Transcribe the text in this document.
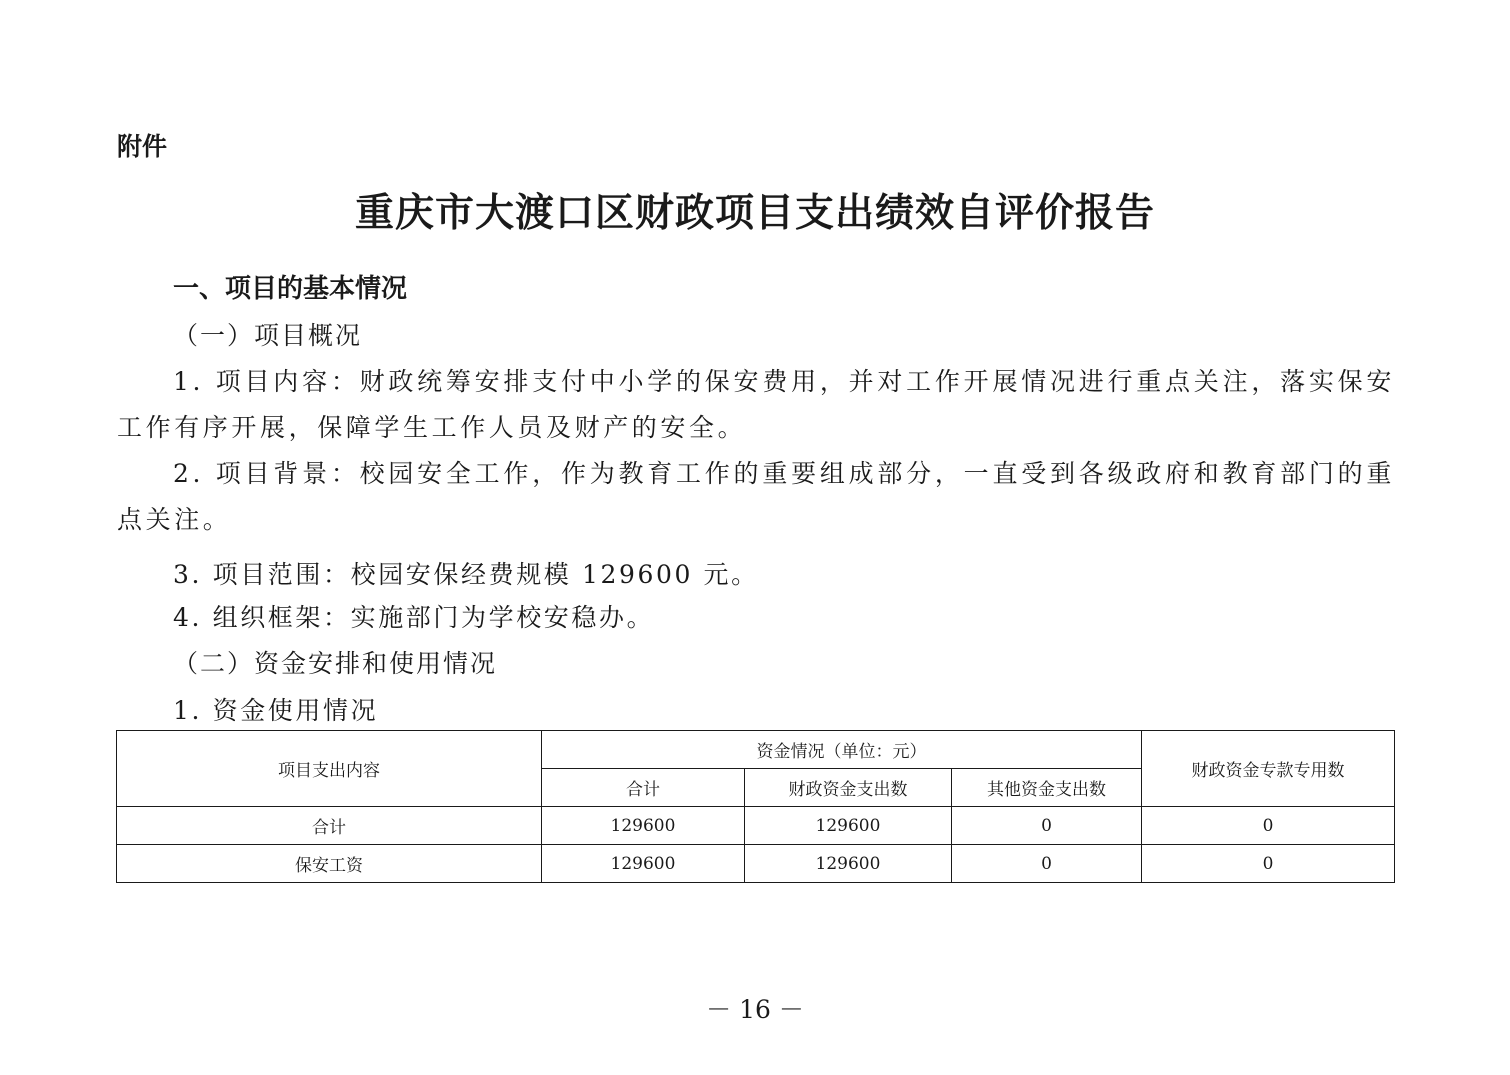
附件
重庆市大渡口区财政项目支出绩效自评价报告
一、项目的基本情况
（一）项目概况
1. 项目内容：财政统筹安排支付中小学的保安费用，并对工作开展情况进行重点关注，落实保安工作有序开展，保障学生工作人员及财产的安全。
2. 项目背景：校园安全工作，作为教育工作的重要组成部分，一直受到各级政府和教育部门的重点关注。
3. 项目范围：校园安保经费规模 129600 元。
4. 组织框架：实施部门为学校安稳办。
（二）资金安排和使用情况
1. 资金使用情况
项目支出内容	资金情况（单位：元）			财政资金专款专用数
	合计	财政资金支出数	其他资金支出数	
合计	129600	129600	0	0
保安工资	129600	129600	0	0
－ 16 －
